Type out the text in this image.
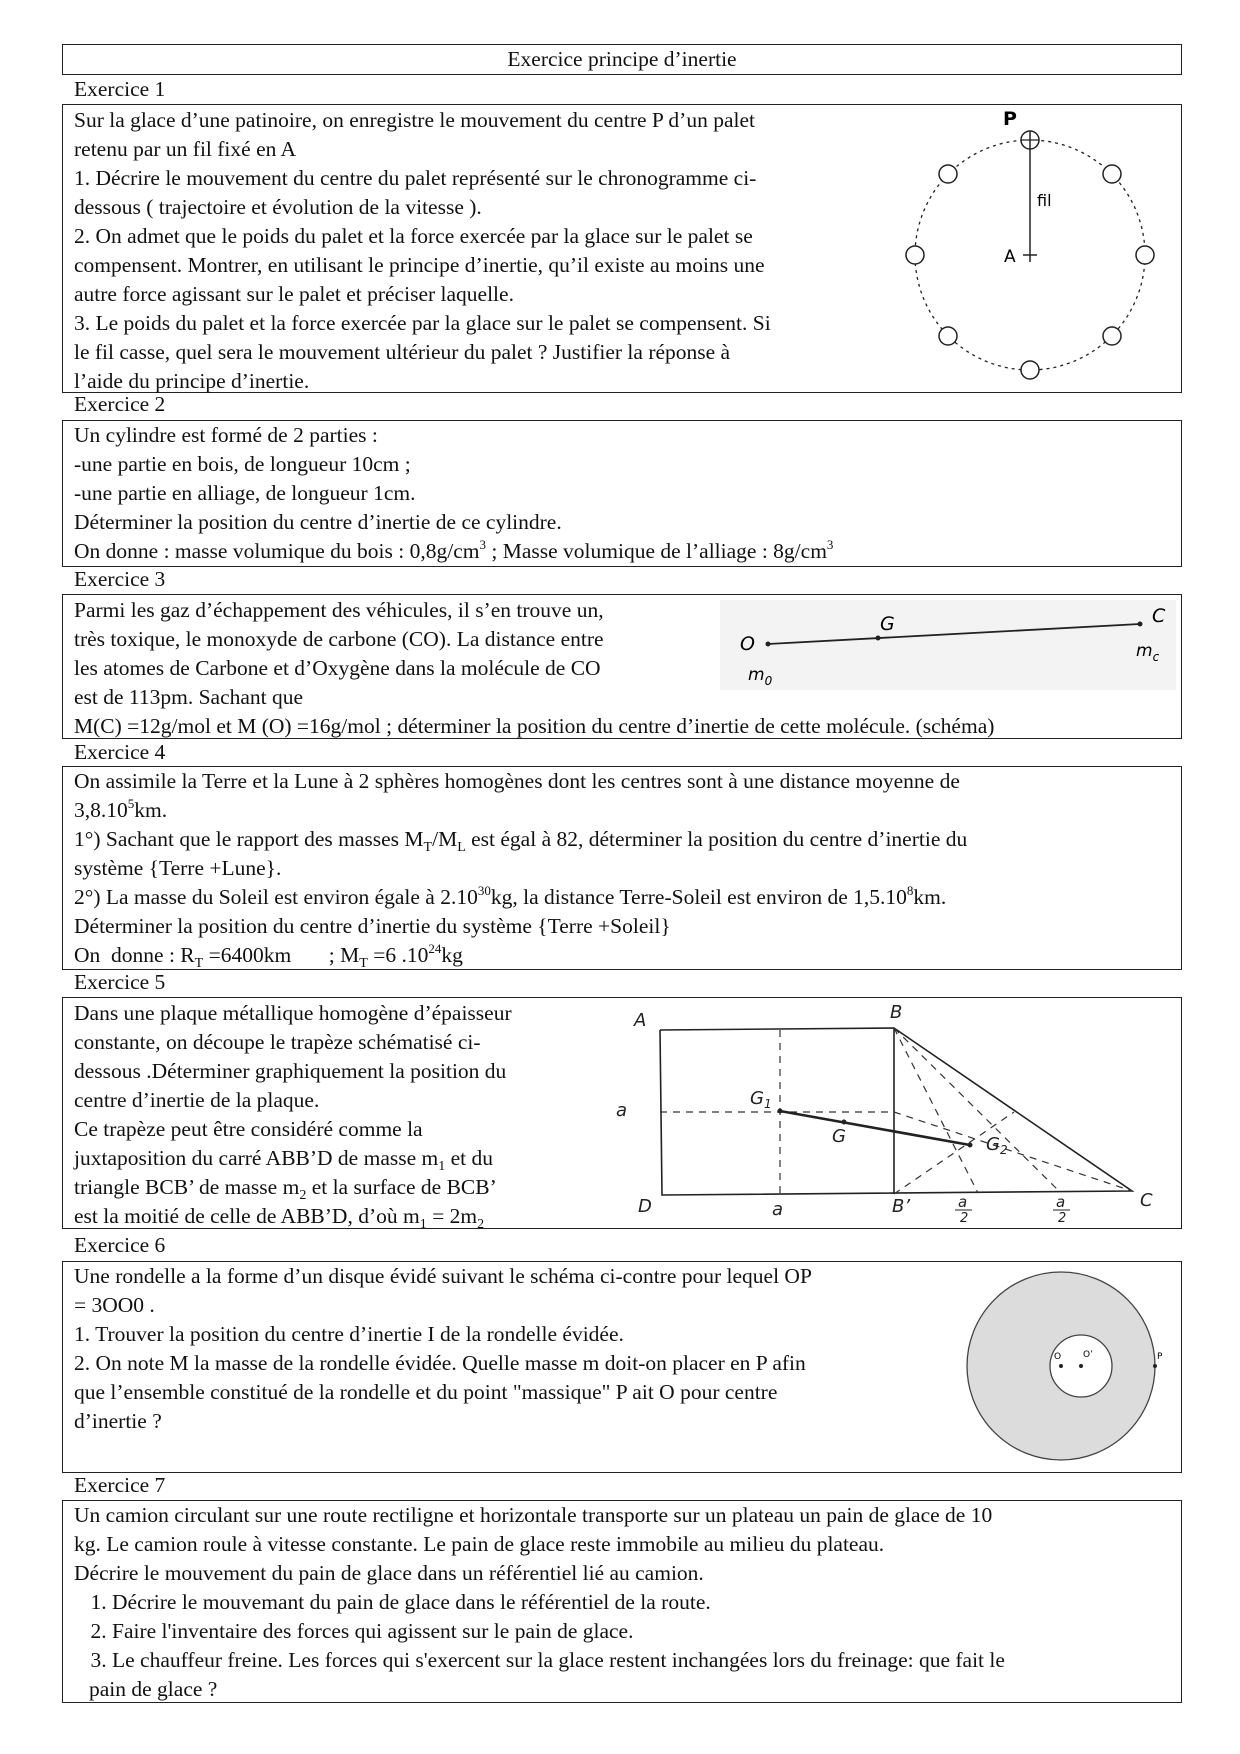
Exercice principe d’inertie
Exercice 1

Sur la glace d’une patinoire, on enregistre le mouvement du centre P d’un palet

retenu par un fil fixé en A

1. Décrire le mouvement du centre du palet représenté sur le chronogramme ci-

dessous ( trajectoire et évolution de la vitesse ).

2. On admet que le poids du palet et la force exercée par la glace sur le palet se

compensent. Montrer, en utilisant le principe d’inertie, qu’il existe au moins une

autre force agissant sur le palet et préciser laquelle.

3. Le poids du palet et la force exercée par la glace sur le palet se compensent. Si

le fil casse, quel sera le mouvement ultérieur du palet ? Justifier la réponse à

l’aide du principe d’inertie.

P
fil
A
Exercice 2

Un cylindre est formé de 2 parties :

-une partie en bois, de longueur 10cm ;

-une partie en alliage, de longueur 1cm.

Déterminer la position du centre d’inertie de ce cylindre.

On donne : masse volumique du bois : $0,8g/cm^3$ ; Masse volumique de l’alliage : $8g/cm^3$

Exercice 3

Parmi les gaz d’échappement des véhicules, il s’en trouve un,

très toxique, le monoxyde de carbone (CO). La distance entre

les atomes de Carbone et d’Oxygène dans la molécule de CO

est de 113pm. Sachant que

M(C) =12g/mol et M (O) =16g/mol ; déterminer la position du centre d’inertie de cette molécule. (schéma)

O
G	C
$m_0$
$m_c$
Exercice 4

On assimile la Terre et la Lune à 2 sphères homogènes dont les centres sont à une distance moyenne de

3,8.10$^5$km.

1°) Sachant que le rapport des masses $M_T/M_L$ est égal à 82, déterminer la position du centre d’inertie du

système {Terre +Lune}.

2°) La masse du Soleil est environ égale à 2.10$^{30}$kg, la distance Terre-Soleil est environ de 1,5.10$^8$km.

Déterminer la position du centre d’inertie du système {Terre +Soleil}

On  donne : $R_T =6400km$       ; $M_T =6$ $.10^{24}kg$

Exercice 5

Dans une plaque métallique homogène d’épaisseur

constante, on découpe le trapèze schématisé ci-

dessous .Déterminer graphiquement la position du

centre d’inertie de la plaque.

Ce trapèze peut être considéré comme la

juxtaposition du carré ABB’D de masse $m_1$ et du

triangle BCB’ de masse $m_2$ et la surface de BCB’

est la moitié de celle de ABB’D, d’où $m_1 = 2m_2$

A	B
C
D
a
a
$G_1$
G	$G_2$
B’	a
2
a
2
Exercice 6

Une rondelle a la forme d’un disque évidé suivant le schéma ci-contre pour lequel OP

= 3OO0 .

1. Trouver la position du centre d’inertie I de la rondelle évidée.

2. On note M la masse de la rondelle évidée. Quelle masse m doit-on placer en P afin

que l’ensemble constitué de la rondelle et du point "massique" P ait O pour centre

d’inertie ?

O O’	P
Exercice 7

Un camion circulant sur une route rectiligne et horizontale transporte sur un plateau un pain de glace de 10

kg. Le camion roule à vitesse constante. Le pain de glace reste immobile au milieu du plateau.

Décrire le mouvement du pain de glace dans un référentiel lié au camion.

1. Décrire le mouvemant du pain de glace dans le référentiel de la route.
2. Faire l'inventaire des forces qui agissent sur le pain de glace.
3. Le chauffeur freine. Les forces qui s'exercent sur la glace restent inchangées lors du freinage: que fait le

pain de glace ?
